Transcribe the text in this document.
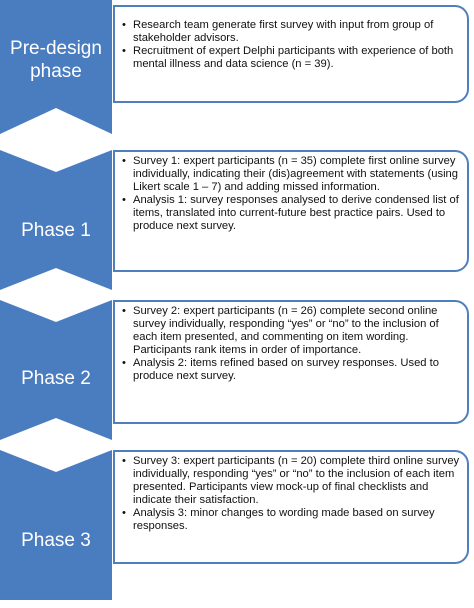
Pre-design phase
• Research team generate first survey with input from group of stakeholder advisors.
• Recruitment of expert Delphi participants with experience of both mental illness and data science (n = 39).
Phase 1
• Survey 1: expert participants (n = 35) complete first online survey individually, indicating their (dis)agreement with statements (using Likert scale 1 – 7) and adding missed information.
• Analysis 1: survey responses analysed to derive condensed list of items, translated into current-future best practice pairs. Used to produce next survey.
Phase 2
• Survey 2: expert participants (n = 26) complete second online survey individually, responding “yes” or “no” to the inclusion of each item presented, and commenting on item wording. Participants rank items in order of importance.
• Analysis 2: items refined based on survey responses. Used to produce next survey.
Phase 3
• Survey 3: expert participants (n = 20) complete third online survey individually, responding “yes” or “no” to the inclusion of each item presented. Participants view mock-up of final checklists and indicate their satisfaction.
• Analysis 3: minor changes to wording made based on survey responses.
